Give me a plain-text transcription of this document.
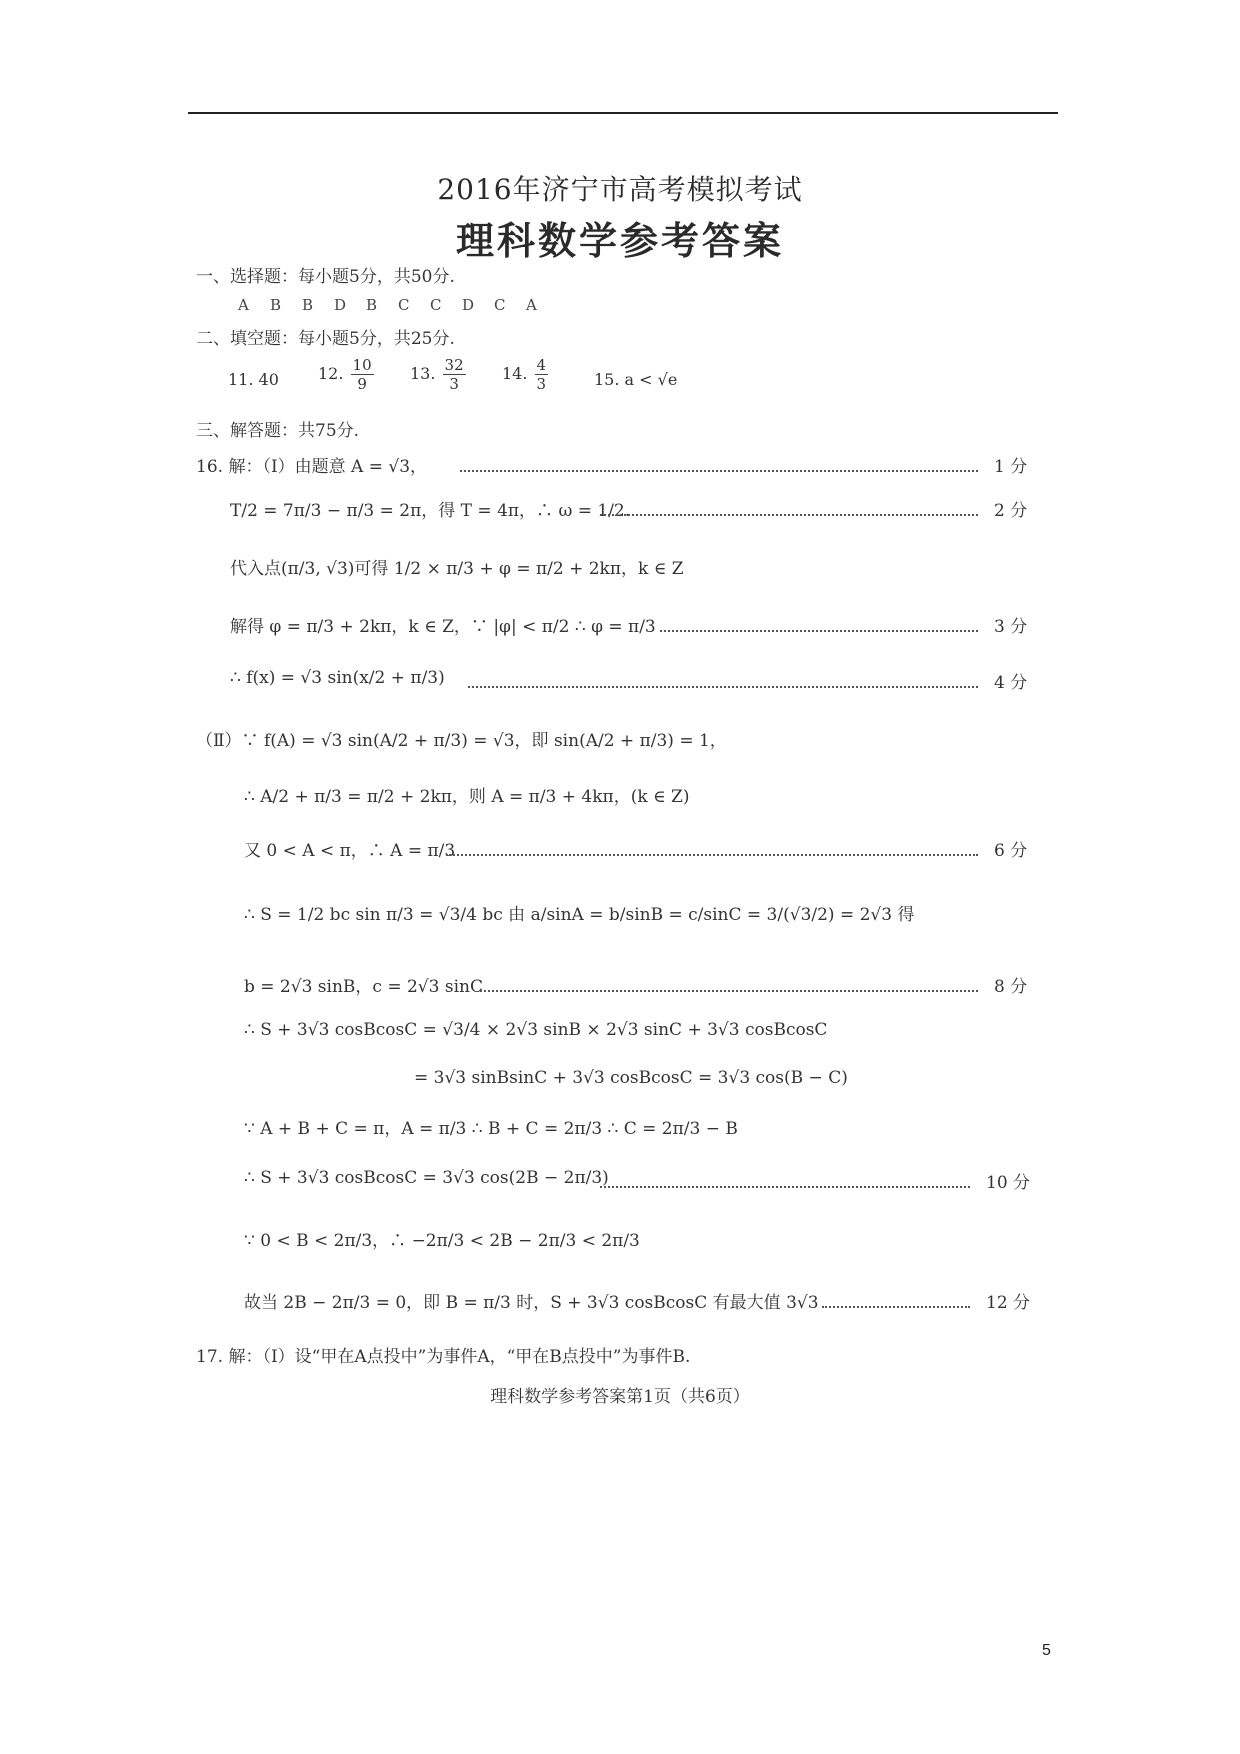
2016年济宁市高考模拟考试
理科数学参考答案
一、选择题：每小题5分，共50分.
A B B D B C C D C A
二、填空题：每小题5分，共25分.
11. 40 12. $\frac{10}{9} 13$. $\frac{32}{3} 14$. $\frac{4}{3}$	15. a < √e
三、解答题：共75分.
16. 解：（Ⅰ）由题意 A = √3，	1 分
T/2 = 7π/3 − π/3 = 2π，得 T = 4π，∴ ω = 1/2.	2 分
代入点(π/3, √3)可得 1/2 × π/3 + φ = π/2 + 2kπ，k ∈ Z
解得 φ = π/3 + 2kπ，k ∈ Z，∵ |φ| < π/2 ∴ φ = π/3	3 分
∴ f(x) = √3 sin(x/2 + π/3)	4 分
（Ⅱ）∵ f(A) = √3 sin(A/2 + π/3) = √3，即 sin(A/2 + π/3) = 1，
∴ A/2 + π/3 = π/2 + 2kπ，则 A = π/3 + 4kπ，(k ∈ Z)
又 0 < A < π，∴ A = π/3	6 分
∴ S = 1/2 bc sin π/3 = √3/4 bc 由 a/sinA = b/sinB = c/sinC = 3/(√3/2) = 2√3 得
b = 2√3 sinB，c = 2√3 sinC	8 分
∴ S + 3√3 cosBcosC = √3/4 × 2√3 sinB × 2√3 sinC + 3√3 cosBcosC
= 3√3 sinBsinC + 3√3 cosBcosC = 3√3 cos(B − C)
∵ A + B + C = π，A = π/3 ∴ B + C = 2π/3 ∴ C = 2π/3 − B
∴ S + 3√3 cosBcosC = 3√3 cos(2B − 2π/3)	10 分
∵ 0 < B < 2π/3，∴ −2π/3 < 2B − 2π/3 < 2π/3
故当 2B − 2π/3 = 0，即 B = π/3 时，S + 3√3 cosBcosC 有最大值 3√3	12 分
17. 解：（Ⅰ）设“甲在A点投中”为事件A，“甲在B点投中”为事件B.
理科数学参考答案第1页（共6页）
5
